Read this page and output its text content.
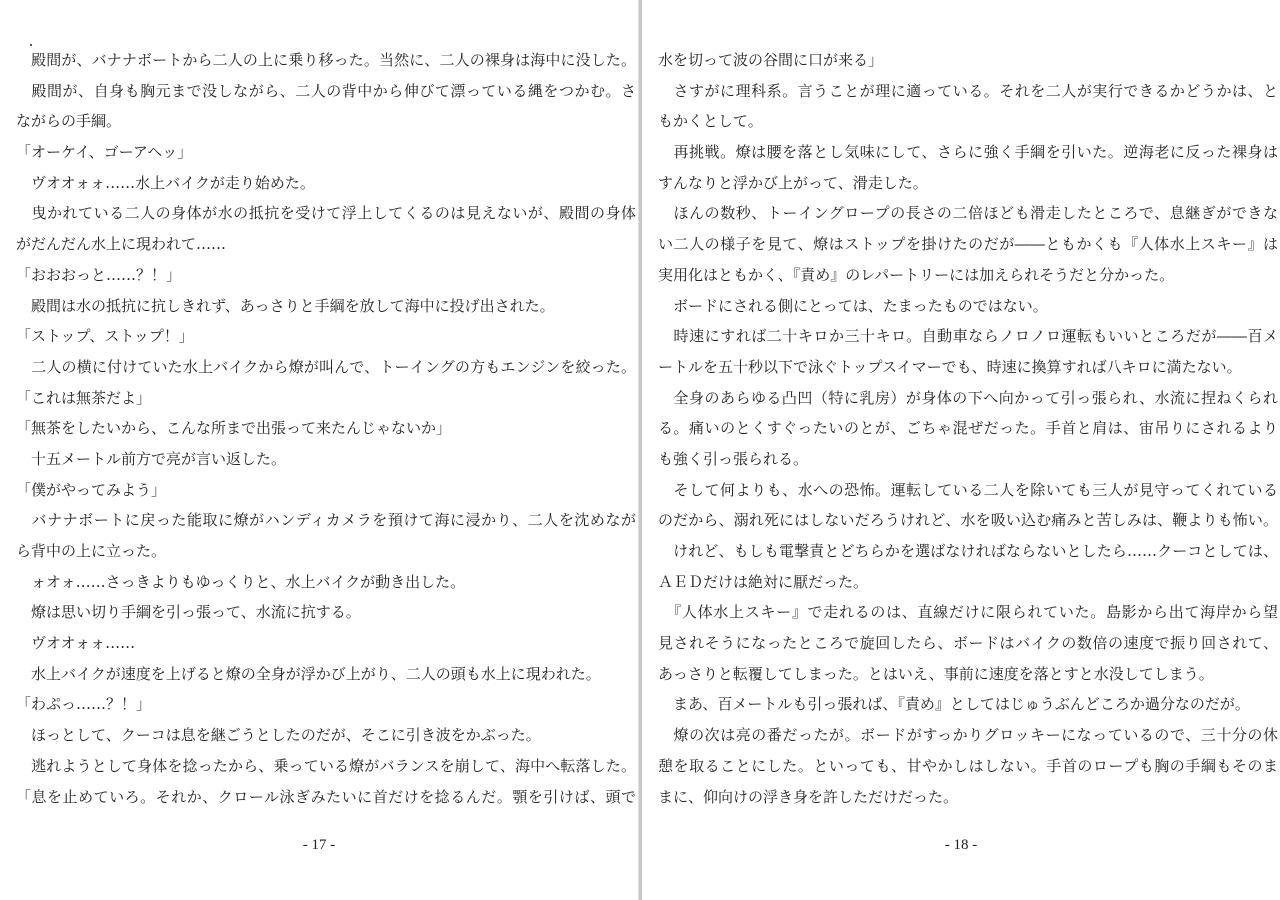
　殿間が、バナナボートから二人の上に乗り移った。当然に、二人の裸身は海中に没した。
　殿間が、自身も胸元まで没しながら、二人の背中から伸びて漂っている縄をつかむ。さ
ながらの手綱。
「オーケイ、ゴーアヘッ」
　ヴオオォォ……水上バイクが走り始めた。
　曳かれている二人の身体が水の抵抗を受けて浮上してくるのは見えないが、殿間の身体
がだんだん水上に現われて……
「おおおっと……？！」
　殿間は水の抵抗に抗しきれず、あっさりと手綱を放して海中に投げ出された。
「ストップ、ストップ！」
　二人の横に付けていた水上バイクから燎が叫んで、トーイングの方もエンジンを絞った。
「これは無茶だよ」
「無茶をしたいから、こんな所まで出張って来たんじゃないか」
　十五メートル前方で亮が言い返した。
「僕がやってみよう」
　バナナボートに戻った能取に燎がハンディカメラを預けて海に浸かり、二人を沈めなが
ら背中の上に立った。
　ォオォ……さっきよりもゆっくりと、水上バイクが動き出した。
　燎は思い切り手綱を引っ張って、水流に抗する。
　ヴオオォォ……
　水上バイクが速度を上げると燎の全身が浮かび上がり、二人の頭も水上に現われた。
「わぷっ……？！」
　ほっとして、クーコは息を継ごうとしたのだが、そこに引き波をかぶった。
　逃れようとして身体を捻ったから、乗っている燎がバランスを崩して、海中へ転落した。
「息を止めていろ。それか、クロール泳ぎみたいに首だけを捻るんだ。顎を引けば、頭で
- 17 -
水を切って波の谷間に口が来る」
　さすがに理科系。言うことが理に適っている。それを二人が実行できるかどうかは、と
もかくとして。
　再挑戦。燎は腰を落とし気味にして、さらに強く手綱を引いた。逆海老に反った裸身は
すんなりと浮かび上がって、滑走した。
　ほんの数秒、トーイングロープの長さの二倍ほども滑走したところで、息継ぎができな
い二人の様子を見て、燎はストップを掛けたのだが――ともかくも『人体水上スキー』は
実用化はともかく、『責め』のレパートリーには加えられそうだと分かった。
　ボードにされる側にとっては、たまったものではない。
　時速にすれば二十キロか三十キロ。自動車ならノロノロ運転もいいところだが――百メ
ートルを五十秒以下で泳ぐトップスイマーでも、時速に換算すれば八キロに満たない。
　全身のあらゆる凸凹（特に乳房）が身体の下へ向かって引っ張られ、水流に捏ねくられ
る。痛いのとくすぐったいのとが、ごちゃ混ぜだった。手首と肩は、宙吊りにされるより
も強く引っ張られる。
　そして何よりも、水への恐怖。運転している二人を除いても三人が見守ってくれている
のだから、溺れ死にはしないだろうけれど、水を吸い込む痛みと苦しみは、鞭よりも怖い。
　けれど、もしも電撃責とどちらかを選ばなければならないとしたら……クーコとしては、
ＡＥＤだけは絶対に厭だった。
　『人体水上スキー』で走れるのは、直線だけに限られていた。島影から出て海岸から望
見されそうになったところで旋回したら、ボードはバイクの数倍の速度で振り回されて、
あっさりと転覆してしまった。とはいえ、事前に速度を落とすと水没してしまう。
　まあ、百メートルも引っ張れば、『責め』としてはじゅうぶんどころか過分なのだが。
　燎の次は亮の番だったが。ボードがすっかりグロッキーになっているので、三十分の休
憩を取ることにした。といっても、甘やかしはしない。手首のロープも胸の手綱もそのま
まに、仰向けの浮き身を許しただけだった。
- 18 -
